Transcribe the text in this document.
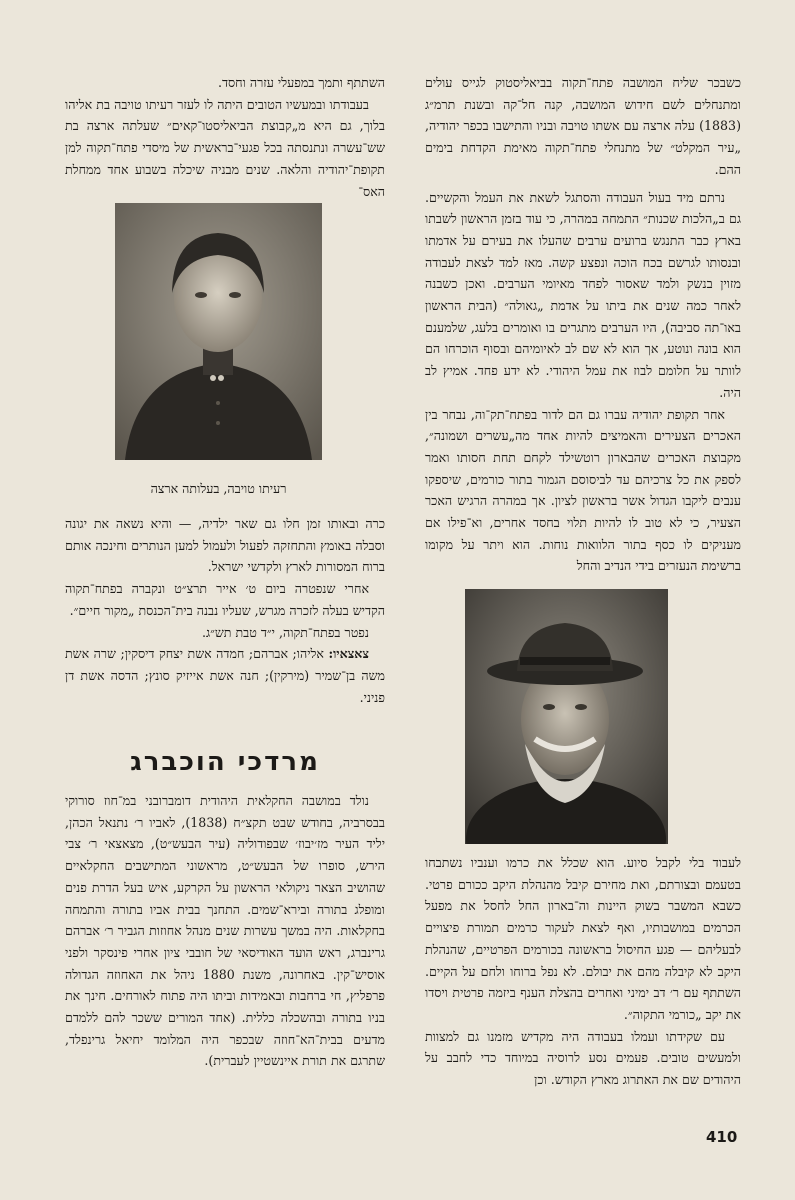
כשבכר שליח המושבה פתח־תקוה בביאליסטוק לגייס עולים ומתנחלים לשם חידוש המושבה, קנה חל־קה ובשנת תרמ״ג (1883) עלה ארצה עם אשתו טויבה ובניו והתישבו בכפר יהודיה, „עיר המקלט״ של מתנחלי פתח־תקוה מאימת הקדחת בימים ההם.

נרתם מיד בעול העבודה והסתגל לשאת את העמל והקשיים. גם ב„הלכות שכנות״ התמחה במהרה, כי עוד בזמן הראשון לשבתו בארץ כבר התנגש ברועים ערבים שהעלו את בעירם על אדמתו ובנסותו לגרשם בכח הוכה ונפצע קשה. מאז למד לצאת לעבודה מזוין בנשק ולמד שאסור לפחד מאיומי הערבים. ואכן כשבנה לאחר כמה שנים את ביתו על אדמת „גאולה״ (הבית הראשון באו־תה סביבה), היו הערבים מתגרים בו ואומרים בלעג, שלמענם הוא בונה ונוטע, אך הוא לא שם לב לאיומיהם ובסוף הוכרחו הם לוותר על חלומם לבוז את עמל היהודי. לא ידע פחד. אמיץ לב היה.

אחר תקופת יהודיה עברו גם הם לדור בפתח־תק־וה, נבחר בין האכרים הצעירים והאמיצים להיות אחד מה„עשרים ושמונה״, מקבוצת האכרים שהבארון רוטשילד לקחם תחת חסותו ואמר לספק את כל צרכיהם עד לביסוסם הגמור בתור כורמים, שיספקו ענבים ליקבו הגדול אשר בראשון לציון. אך במהרה הרגיש האכר הצעיר, כי לא טוב לו להיות תלוי בחסד אחרים, וא־פילו אם מעניקים לו כסף בתור הלוואות נוחות. הוא ויתר על מקומו ברשימת הנעזרים בידי הנדיב והחל

לעבוד בלי לקבל סיוע. הוא שכלל את כרמו וענביו נשתבחו בטעמם ובצורתם, ואת מחירם קיבל מהנהלת היקב ככורם פרטי. כשבא המשבר בשוק היינות וה־בארון החל לחסל את מפעל הכרמים במושבותיו, ואף לצאת לעקור כרמים תמורת פיצויים לבעליהם — פגע החיסול בראשונה בכורמים הפרטיים, שהנהלת היקב לא קיבלה מהם את יבולם. לא נפל ברוחו ולחם על הקיים. השתתף עם ר׳ דב ימיני ואחרים בהצלת הענף ביזמה פרטית ויסדו את יקב „כורמי התקוה״.

עם שקידתו ועמלו בעבודה היה מקדיש מזמנו גם למצוות ולמעשים טובים. פעמים נסע לרוסיה במיוחד כדי לחבב על היהודים שם את האתרוג מארץ הקודש. וכן

השתתף ותמך במפעלי עזרה וחסד.

בעבודתו ובמעשיו הטובים היתה לו לעזר רעיתו טויבה בת אליהו בלוך, גם היא מ„קבוצת הביאליסטו־קאים״ שעלתה ארצה בת שש־עשרה ונתנסתה בכל פגעי־בראשית של מיסדי פתח־תקוה למן תקופת־יהודיה והלאה. שנים מבניה שיכלה בשבוע אחד ממחלת האס־

רעיתו טויבה, בעלותה ארצה

כרה ובאותו זמן חלו גם שאר ילדיה, — והיא נשאה את יגונה וסבלה באומץ והתחזקה לפעול ולעמול למען הנותרים וחינכה אותם ברוח המסורות לארץ ולקדשי ישראל.

אחרי שנפטרה ביום ט׳ אייר תרצ״ט ונקברה בפתח־תקוה הקדיש בעלה לזכרה מגרש, שעליו נבנה בית־הכנסת „מקור חיים״.

נפטר בפתח־תקוה, י״ד טבת תש״ג.

צאצאיו: אליהו; אברהם; חמדה אשת יצחק דיסקין; שרה אשת משה בן־שמיר (מירקין); חנה אשת אייזיק סונץ; הדסה אשת דן פניני.

מרדכי הוכברג

נולד במושבה החקלאית היהודית דומברובני במ־חוז סורוקי בבסרביה, בחודש שבט תקצ״ח (1838), לאביו ר׳ נתנאל הכהן, יליד העיר מז׳יבוז׳ שבפודוליה (עיר הבעש״ט), מצאצאי ר׳ צבי הירש, סופרו של הבעש״ט, מראשוני המתישבים החקלאיים שהושיב הצאר ניקולאי הראשון על הקרקע, איש בעל הדרת פנים ומופלג בתורה ובירא־שמים. התחנך בבית אביו בתורה והתמחה בחקלאות. היה במשך עשרות שנים מנהל אחוזות הגביר ר׳ אברהם גרינברג, ראש הועד האודיסאי של חובבי ציון אחרי פינסקר ולפני אוסיש־קין. באחרונה, משנת 1880 ניהל את האחוזה הגדולה פרפליץ, חי ברחבות ובאמידות וביתו היה פתוח לאורחים. חינך את בניו בתורה ובהשכלה כללית. (אחד המורים ששכר להם ללמדם מדעים בבית־הא־חוזה שבכפר היה המלומד יחיאל גרינפלד, שתרגם את תורת איינשטיין לעברית).

410
